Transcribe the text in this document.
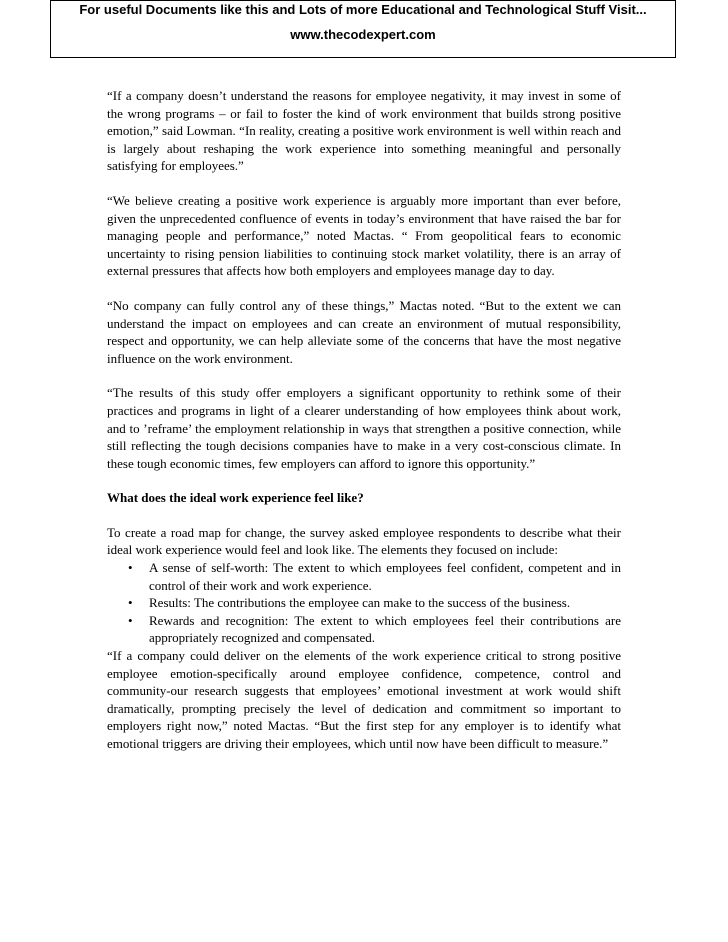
For useful Documents like this and Lots of more Educational and Technological Stuff Visit...
www.thecodexpert.com

“If a company doesn’t understand the reasons for employee negativity, it may invest in some of the wrong programs – or fail to foster the kind of work environment that builds strong positive emotion,” said Lowman. “In reality, creating a positive work environment is well within reach and is largely about reshaping the work experience into something meaningful and personally satisfying for employees.”

“We believe creating a positive work experience is arguably more important than ever before, given the unprecedented confluence of events in today’s environment that have raised the bar for managing people and performance,” noted Mactas. “ From geopolitical fears to economic uncertainty to rising pension liabilities to continuing stock market volatility, there is an array of external pressures that affects how both employers and employees manage day to day.

“No company can fully control any of these things,” Mactas noted. “But to the extent we can understand the impact on employees and can create an environment of mutual responsibility, respect and opportunity, we can help alleviate some of the concerns that have the most negative influence on the work environment.

“The results of this study offer employers a significant opportunity to rethink some of their practices and programs in light of a clearer understanding of how employees think about work, and to ’reframe’ the employment relationship in ways that strengthen a positive connection, while still reflecting the tough decisions companies have to make in a very cost-conscious climate. In these tough economic times, few employers can afford to ignore this opportunity.”

What does the ideal work experience feel like?

To create a road map for change, the survey asked employee respondents to describe what their ideal work experience would feel and look like. The elements they focused on include:

• A sense of self-worth: The extent to which employees feel confident, competent and in control of their work and work experience.
• Results: The contributions the employee can make to the success of the business.
• Rewards and recognition: The extent to which employees feel their contributions are appropriately recognized and compensated.

“If a company could deliver on the elements of the work experience critical to strong positive employee emotion-specifically around employee confidence, competence, control and community-our research suggests that employees’ emotional investment at work would shift dramatically, prompting precisely the level of dedication and commitment so important to employers right now,” noted Mactas. “But the first step for any employer is to identify what emotional triggers are driving their employees, which until now have been difficult to measure.”
